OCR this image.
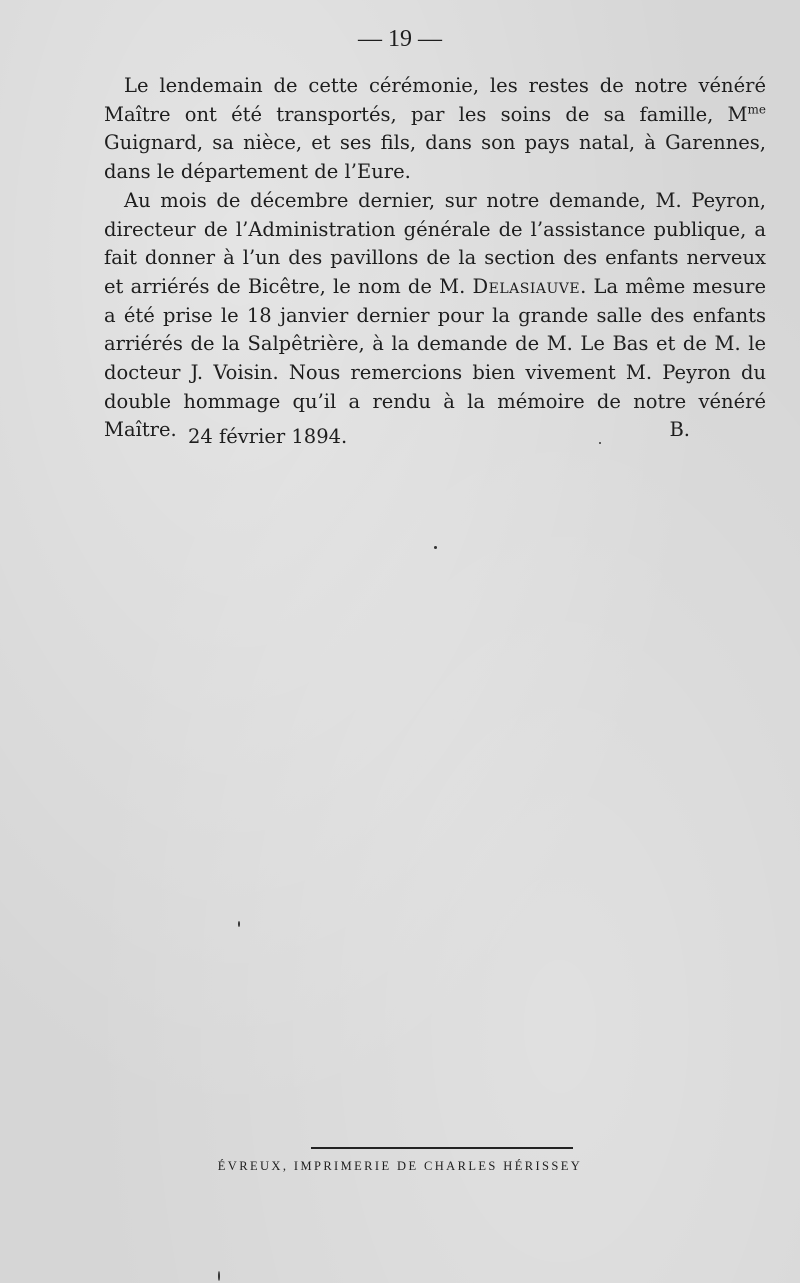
— 19 —

Le lendemain de cette cérémonie, les restes de notre vénéré Maître ont été transportés, par les soins de sa famille, $M^{me}$ Guignard, sa nièce, et ses fils, dans son pays natal, à Garennes, dans le département de l’Eure.

Au mois de décembre dernier, sur notre demande, M. Peyron, directeur de l’Administration générale de l’assistance publique, a fait donner à l’un des pavillons de la section des enfants nerveux et arriérés de Bicêtre, le nom de M. Delasiauve. La même mesure a été prise le 18 janvier dernier pour la grande salle des enfants arriérés de la Salpêtrière, à la demande de M. Le Bas et de M. le docteur J. Voisin. Nous remercions bien vivement M. Peyron du double hommage qu’il a rendu à la mémoire de notre vénéré Maître.	B.

24 février 1894.
ÉVREUX, IMPRIMERIE DE CHARLES HÉRISSEY
